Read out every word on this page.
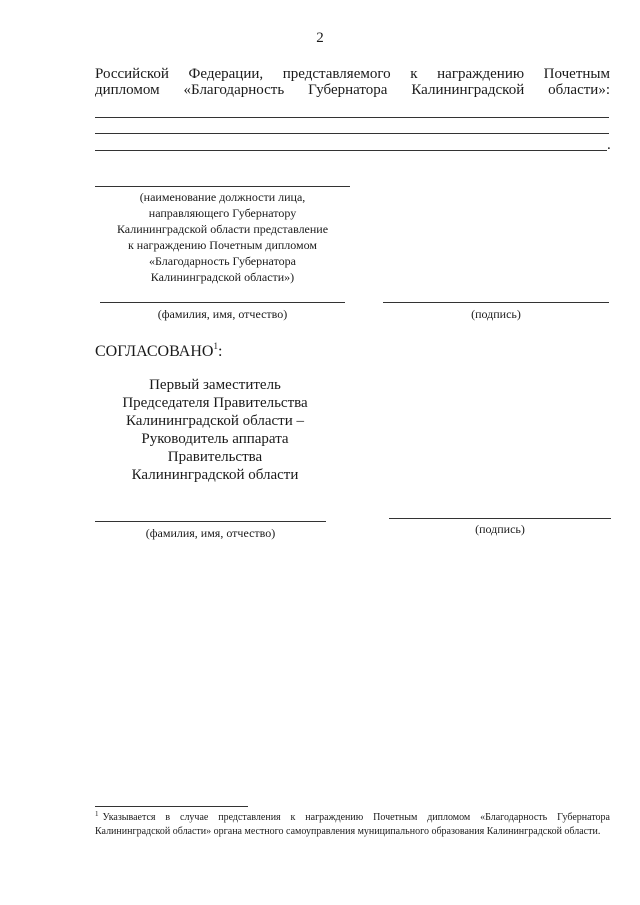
2
Российской Федерации, представляемого к награждению Почетным
дипломом «Благодарность Губернатора Калининградской области»:
.
(наименование должности лица,
направляющего Губернатору
Калининградской области представление
к награждению Почетным дипломом
«Благодарность Губернатора
Калининградской области»)
(фамилия, имя, отчество)	(подпись)
СОГЛАСОВАНО$^1$:
Первый заместитель
Председателя Правительства
Калининградской области –
Руководитель аппарата
Правительства
Калининградской области
(фамилия, имя, отчество)	(подпись)
$^1$ Указывается в случае представления к награждению Почетным дипломом «Благодарность Губернатора Калининградской области» органа местного самоуправления муниципального образования Калининградской области.
